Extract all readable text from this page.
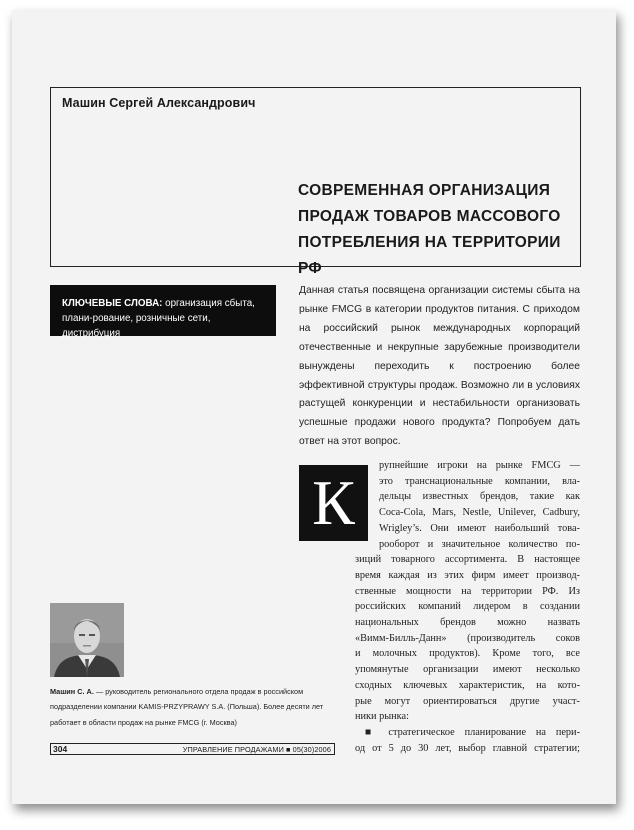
Машин Сергей Александрович

СОВРЕМЕННАЯ ОРГАНИЗАЦИЯ
ПРОДАЖ ТОВАРОВ МАССОВОГО
ПОТРЕБЛЕНИЯ НА ТЕРРИТОРИИ РФ
КЛЮЧЕВЫЕ СЛОВА: организация сбыта, плани-рование, розничные сети, дистрибуция

Данная статья посвящена организации системы сбыта на рынке FMCG в категории продуктов питания. С приходом на российский рынок международных корпораций отечественные и некрупные зарубежные производители вынуждены переходить к построению более эффективной структуры продаж. Возможно ли в условиях растущей конкуренции и нестабильности организовать успешные продажи нового продукта? Попробуем дать ответ на этот вопрос.

К
рупнейшие игроки на рынке FMCG —
это транснациональные компании, вла-
дельцы известных брендов, такие как
Coca-Cola, Mars, Nestle, Unilever, Cadbury,
Wrigley’s. Они имеют наибольший това-
рооборот и значительное количество по-
зиций товарного ассортимента. В настоящее
время каждая из этих фирм имеет производ-
ственные мощности на территории РФ. Из
российских компаний лидером в создании
национальных брендов можно назвать
«Вимм-Билль-Данн» (производитель соков
и молочных продуктов). Кроме того, все
упомянутые организации имеют несколько
сходных ключевых характеристик, на кото-
рые могут ориентироваться другие участ-
ники рынка:
■ стратегическое планирование на пери-
од от 5 до 30 лет, выбор главной стратегии;

Машин С. А. — руководитель регионального отдела продаж в российском подразделении компании KAMIS-PRZYPRAWY S.A. (Польша). Более десяти лет работает в области продаж на рынке FMCG (г. Москва)

304	УПРАВЛЕНИЕ ПРОДАЖАМИ ■ 05(30)2006
